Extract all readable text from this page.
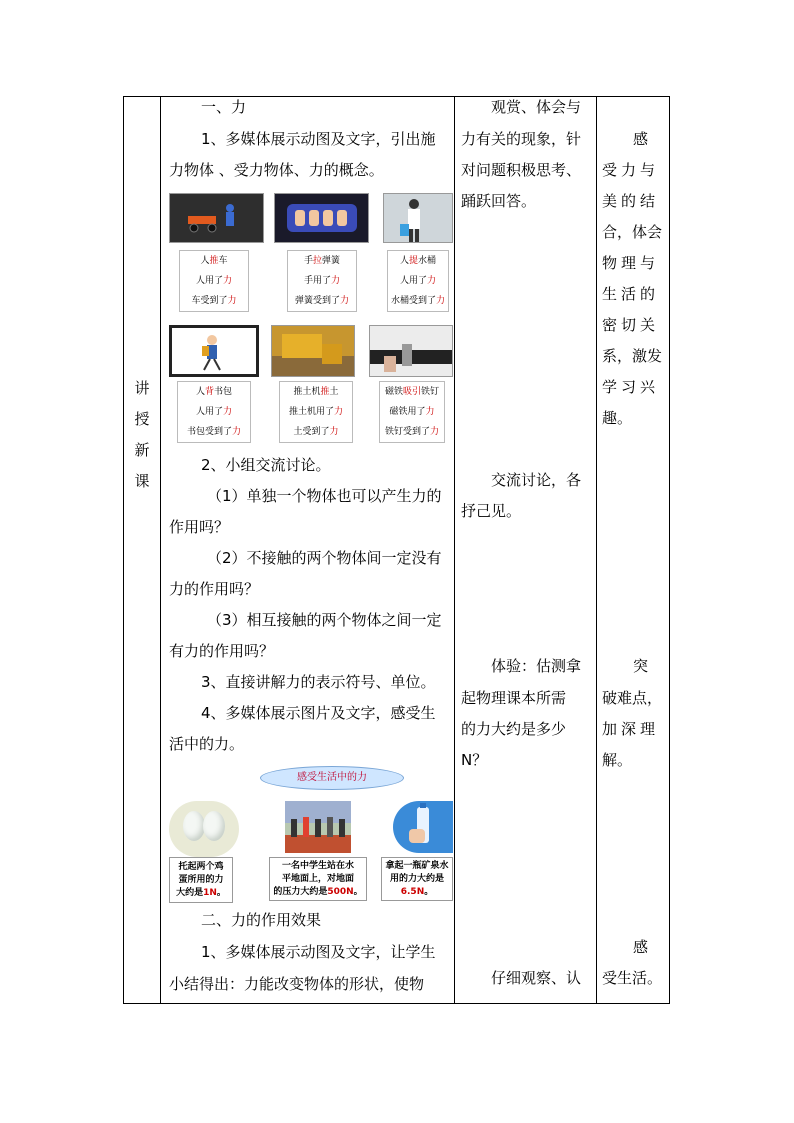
讲
授
新
课

一、力

1、多媒体展示动图及文字，引出施

力物体 、受力物体、力的概念。

人推车
人用了力
车受到了力
手拉弹簧
手用了力
弹簧受到了力
人提水桶
人用了力
水桶受到了力
人背书包
人用了力
书包受到了力
推土机推土
推土机用了力
土受到了力
磁铁吸引铁钉
磁铁用了力
铁钉受到了力

2、小组交流讨论。

（1）单独一个物体也可以产生力的

作用吗？

（2）不接触的两个物体间一定没有

力的作用吗？

（3）相互接触的两个物体之间一定

有力的作用吗？

3、直接讲解力的表示符号、单位。

4、多媒体展示图片及文字，感受生

活中的力。

感受生活中的力
托起两个鸡
蛋所用的力
大约是1N。
一名中学生站在水
平地面上，对地面
的压力大约是500N。
拿起一瓶矿泉水
用的力大约是
6.5N。

二、力的作用效果

1、多媒体展示动图及文字，让学生

小结得出：力能改变物体的形状，使物

观赏、体会与

力有关的现象，针

对问题积极思考、

踊跃回答。

交流讨论，各

抒己见。

体验：估测拿

起物理课本所需

的力大约是多少

N？

仔细观察、认

感

受力与

美的结

合，体会

物理与

生活的

密切关

系，激发

学习兴

趣。

突

破难点，

加深理

解。

感

受生活。
